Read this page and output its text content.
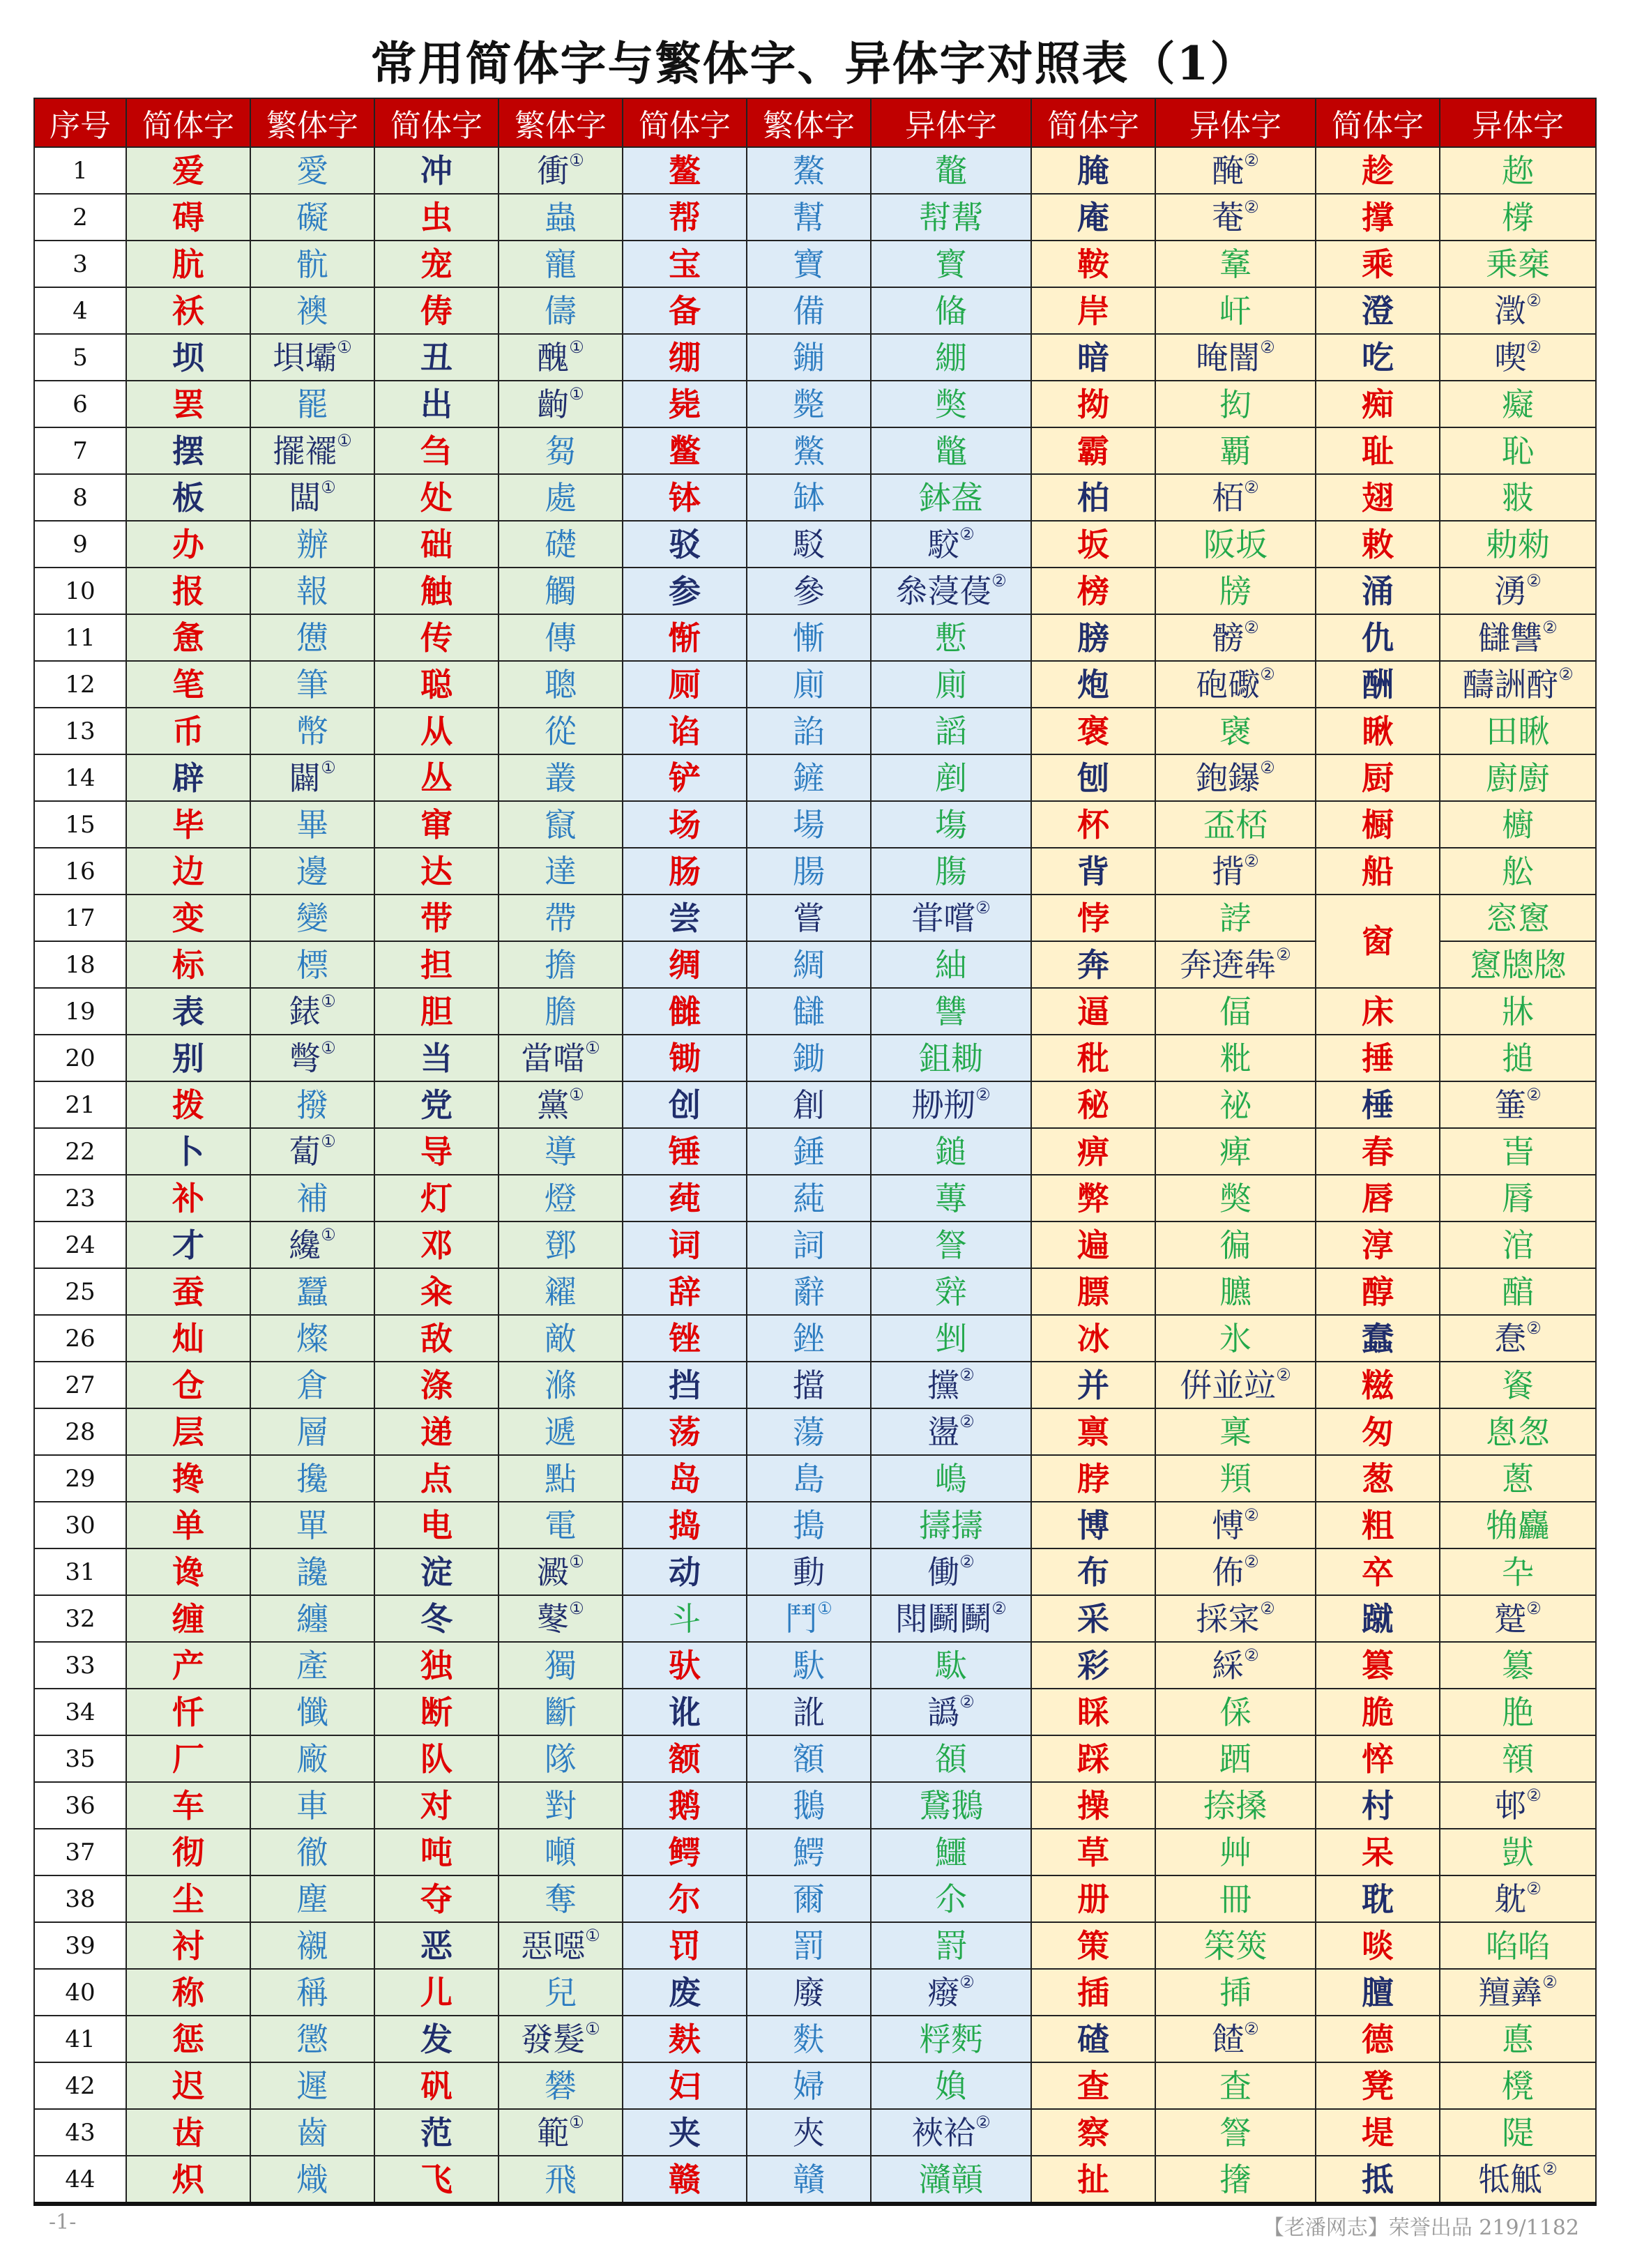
常用简体字与繁体字、异体字对照表（1）
序号	简体字	繁体字	简体字	繁体字	简体字	繁体字	异体字	简体字	异体字	简体字	异体字
1	爱	愛	冲	衝①	鳌	鰲	鼇	腌	醃②	趁	趂
2	碍	礙	虫	蟲	帮	幫	幇幚	庵	菴②	撑	橕
3	肮	骯	宠	寵	宝	寶	寳	鞍	鞌	乘	乗椉
4	袄	襖	俦	儔	备	備	偹	岸	屽	澄	澂②
5	坝	垻壩①	丑	醜①	绷	鏰	綳	暗	晻闇②	吃	喫②
6	罢	罷	出	齣①	毙	斃	獘	拗	抝	痴	癡
7	摆	擺襬①	刍	芻	鳖	鱉	鼈	霸	覇	耻	恥
8	板	闆①	处	處	钵	缽	鉢盋	柏	栢②	翅	翄
9	办	辦	础	礎	驳	駁	駮②	坂	阪坂	敕	勅勑
10	报	報	触	觸	参	參	叅蓡葠②	榜	牓	涌	湧②
11	惫	憊	传	傳	惭	慚	慙	膀	髈②	仇	讎讐②
12	笔	筆	聪	聰	厕	廁	廁	炮	砲礮②	酬	醻詶酧②
13	币	幣	从	從	谄	諂	謟	褒	襃	瞅	田瞅
14	辟	闢①	丛	叢	铲	鏟	剷	刨	鉋鑤②	厨	廚廚
15	毕	畢	窜	竄	场	場	塲	杯	盃桮	橱	櫥
16	边	邊	达	達	肠	腸	膓	背	揹②	船	舩
17	变	變	带	帶	尝	嘗	甞嚐②	悖	誖	窗	窓窻
18	标	標	担	擔	绸	綢	紬	奔	奔逩犇②		窻牕牎
19	表	錶①	胆	膽	雠	讎	讐	逼	偪	床	牀
20	别	彆①	当	當噹①	锄	鋤	鉏耡	秕	粃	捶	搥
21	拨	撥	党	黨①	创	創	刱剏②	秘	祕	棰	箠②
22	卜	蔔①	导	導	锤	錘	鎚	痹	痺	春	旾
23	补	補	灯	燈	莼	蒓	蓴	弊	獘	唇	脣
24	才	纔①	邓	鄧	词	詞	詧	遍	徧	淳	涫
25	蚕	蠶	籴	糴	辞	辭	辤	膘	臕	醇	醕
26	灿	燦	敌	敵	锉	銼	剉	冰	氷	蠢	惷②
27	仓	倉	涤	滌	挡	擋	攩②	并	倂並竝②	糍	餈
28	层	層	递	遞	荡	蕩	盪②	禀	稟	匆	悤怱
29	搀	攙	点	點	岛	島	嶋	脖	頖	葱	蔥
30	单	單	电	電	捣	搗	擣擣	博	愽②	粗	觕麤
31	谗	讒	淀	澱①	动	動	働②	布	佈②	卒	卆
32	缠	纏	冬	鼕①	斗	鬥①	閗鬬鬭②	采	採寀②	蹴	蹵②
33	产	產	独	獨	驮	馱	駄	彩	綵②	篡	簒
34	忏	懺	断	斷	讹	訛	譌②	睬	倸	脆	脃
35	厂	廠	队	隊	额	額	頟	踩	跴	悴	顇
36	车	車	对	對	鹅	鵝	鵞鵝	操	捺搡	村	邨②
37	彻	徹	吨	噸	鳄	鰐	鱷	草	艸	呆	獃
38	尘	塵	夺	奪	尔	爾	尒	册	冊	耽	躭②
39	衬	襯	恶	惡噁①	罚	罰	罸	策	筞筴	啖	啗啗
40	称	稱	儿	兒	废	廢	癈②	插	揷	膻	羶羴②
41	惩	懲	发	發髮①	麸	麩	粰麫	碴	餷②	德	悳
42	迟	遲	矾	礬	妇	婦	媍	查	査	凳	櫈
43	齿	齒	范	範①	夹	夾	裌袷②	察	詧	堤	隄
44	炽	熾	飞	飛	赣	贛	灨贑	扯	撦	抵	牴觝②
-1-	【老潘网志】荣誉出品 219/1182
